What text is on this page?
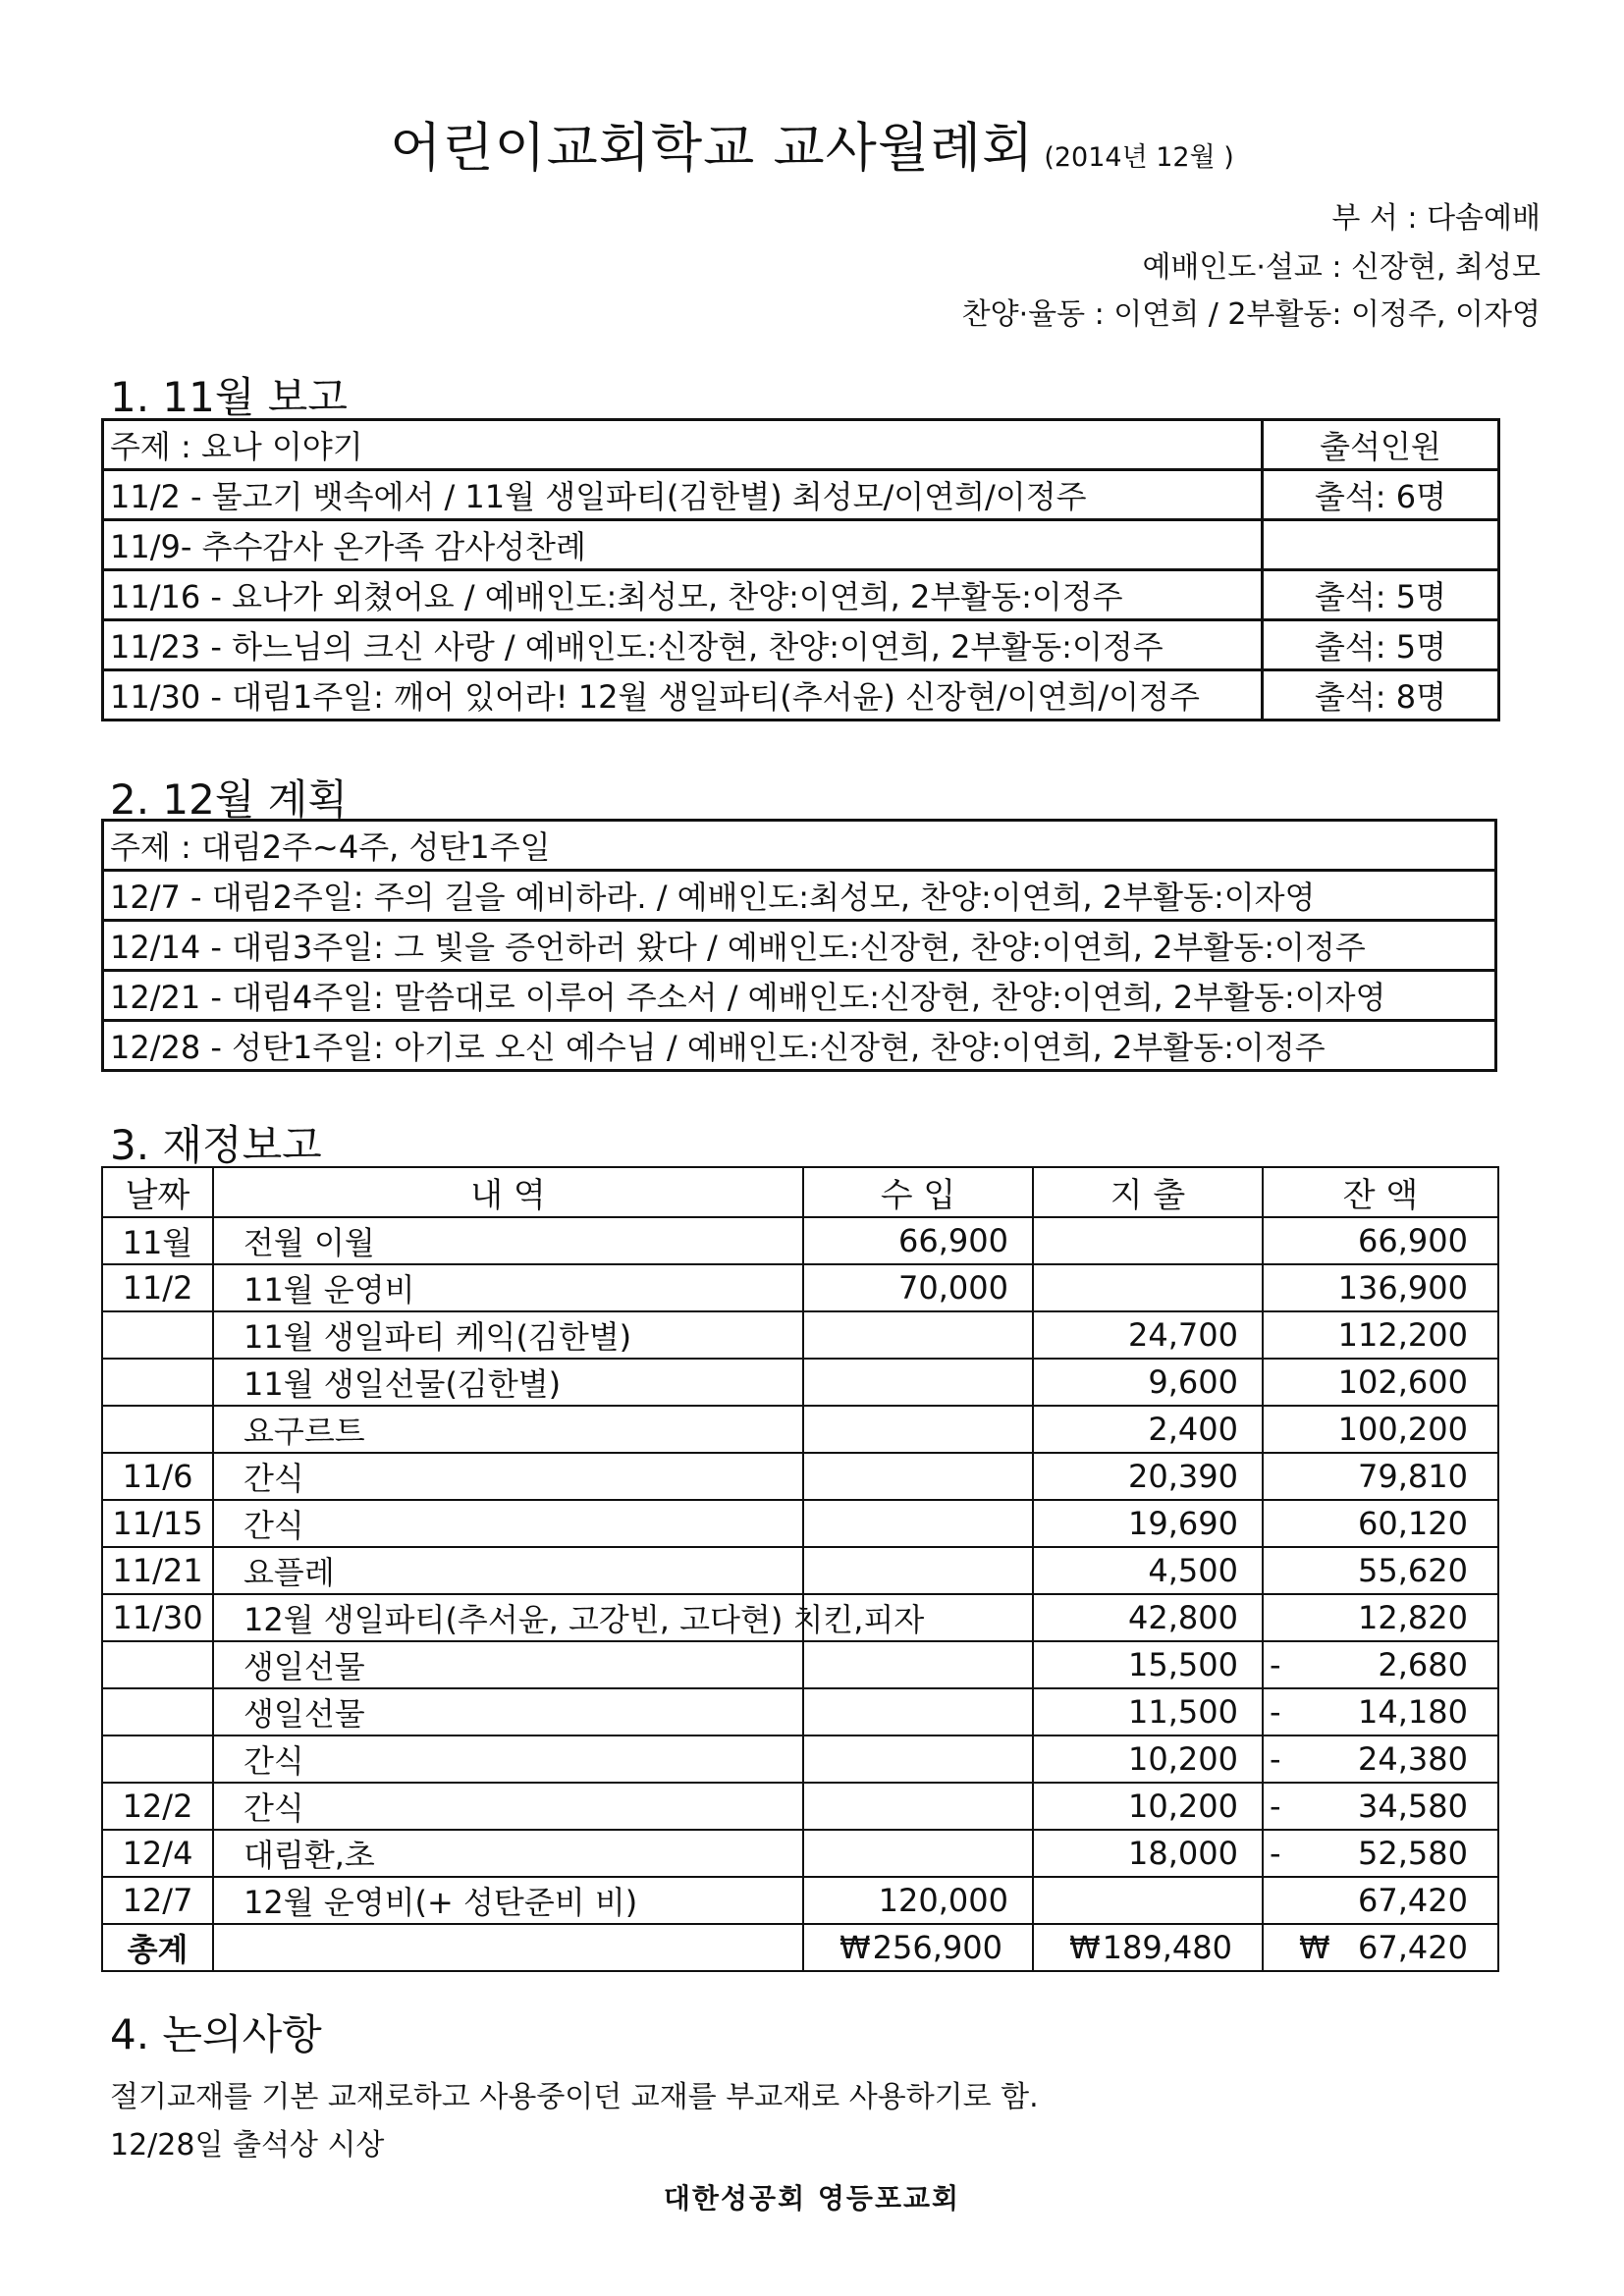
어린이교회학교 교사월례회 (2014년 12월 )
부 서 : 다솜예배
예배인도·설교 : 신장현, 최성모
찬양·율동 : 이연희 / 2부활동: 이정주, 이자영
1. 11월 보고
주제 : 요나 이야기	출석인원
11/2 - 물고기 뱃속에서 / 11월 생일파티(김한별) 최성모/이연희/이정주	출석: 6명
11/9- 추수감사 온가족 감사성찬례	
11/16 - 요나가 외쳤어요 / 예배인도:최성모, 찬양:이연희, 2부활동:이정주	출석: 5명
11/23 - 하느님의 크신 사랑 / 예배인도:신장현, 찬양:이연희, 2부활동:이정주	출석: 5명
11/30 - 대림1주일: 깨어 있어라! 12월 생일파티(추서윤) 신장현/이연희/이정주	출석: 8명
2. 12월 계획
주제 : 대림2주~4주, 성탄1주일
12/7 - 대림2주일: 주의 길을 예비하라. / 예배인도:최성모, 찬양:이연희, 2부활동:이자영
12/14 - 대림3주일: 그 빛을 증언하러 왔다 / 예배인도:신장현, 찬양:이연희, 2부활동:이정주
12/21 - 대림4주일: 말씀대로 이루어 주소서 / 예배인도:신장현, 찬양:이연희, 2부활동:이자영
12/28 - 성탄1주일: 아기로 오신 예수님 / 예배인도:신장현, 찬양:이연희, 2부활동:이정주
3. 재정보고
날짜	내 역	수 입	지 출	잔 액
11월	전월 이월	66,900		66,900

11/2	11월 운영비	70,000		136,900

	11월 생일파티 케익(김한별)		24,700	112,200

	11월 생일선물(김한별)		9,600	102,600

	요구르트		2,400	100,200

11/6	간식		20,390	79,810

11/15	간식		19,690	60,120

11/21	요플레		4,500	55,620

11/30	12월 생일파티(추서윤, 고강빈, 고다현) 치킨,피자		42,800	12,820

	생일선물		15,500	- 2,680

	생일선물		11,500	- 14,180

	간식		10,200	- 24,380

12/2	간식		10,200	- 34,580

12/4	대림환,초		18,000	- 52,580

12/7	12월 운영비(+ 성탄준비 비)	120,000		67,420

총계		₩ 256,900	₩ 189,480	₩ 67,420
4. 논의사항
절기교재를 기본 교재로하고 사용중이던 교재를 부교재로 사용하기로 함.
12/28일 출석상 시상
대한성공회 영등포교회
